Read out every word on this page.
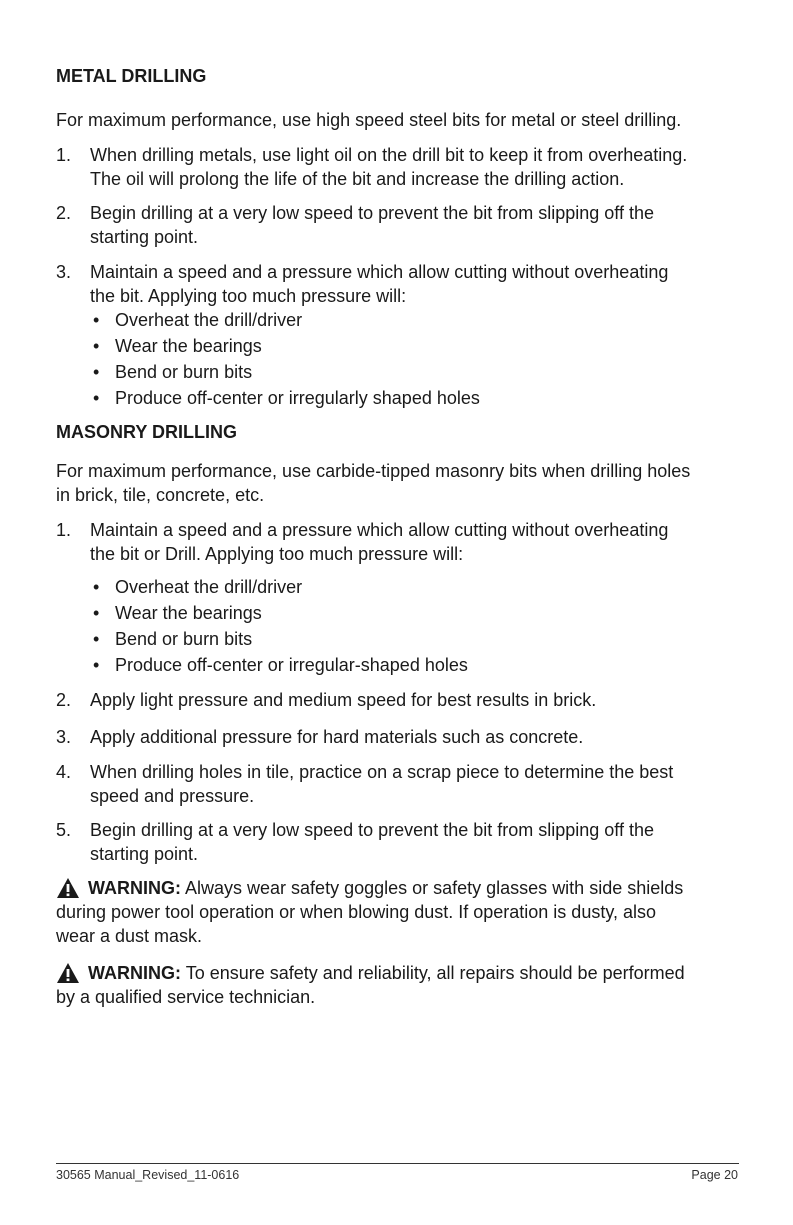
METAL DRILLING
For maximum performance, use high speed steel bits for metal or steel drilling.
1. When drilling metals, use light oil on the drill bit to keep it from overheating.
The oil will prolong the life of the bit and increase the drilling action.
2. Begin drilling at a very low speed to prevent the bit from slipping off the
starting point.
3. Maintain a speed and a pressure which allow cutting without overheating
the bit. Applying too much pressure will:
• Overheat the drill/driver
• Wear the bearings
• Bend or burn bits
• Produce off-center or irregularly shaped holes
MASONRY DRILLING
For maximum performance, use carbide-tipped masonry bits when drilling holes
in brick, tile, concrete, etc.
1. Maintain a speed and a pressure which allow cutting without overheating
the bit or Drill. Applying too much pressure will:
• Overheat the drill/driver
• Wear the bearings
• Bend or burn bits
• Produce off-center or irregular-shaped holes
2. Apply light pressure and medium speed for best results in brick.
3. Apply additional pressure for hard materials such as concrete.
4. When drilling holes in tile, practice on a scrap piece to determine the best
speed and pressure.
5. Begin drilling at a very low speed to prevent the bit from slipping off the
starting point.
WARNING: Always wear safety goggles or safety glasses with side shields
during power tool operation or when blowing dust. If operation is dusty, also
wear a dust mask.
WARNING: To ensure safety and reliability, all repairs should be performed
by a qualified service technician.
30565 Manual_Revised_11-0616	Page 20
